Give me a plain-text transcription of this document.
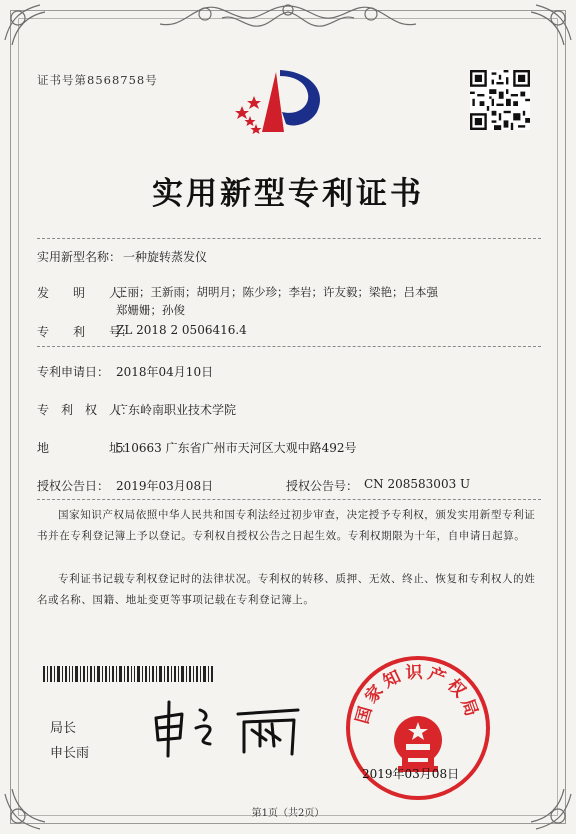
证书号第8568758号
实用新型专利证书
实用新型名称： 一种旋转蒸发仪
发　　明　　人：
王丽；王新雨；胡明月；陈少珍；李岩；许友毅；梁艳；吕本强
郑姗姗；孙俊
专　　利　　号：
ZL 2018 2 0506416.4
专利申请日： 2018年04月10日
专　利　权　人：
广东岭南职业技术学院
地　　　　　址：
510663 广东省广州市天河区大观中路492号
授权公告日： 2019年03月08日	授权公告号： CN 208583003 U
国家知识产权局依照中华人民共和国专利法经过初步审查，决定授予专利权，颁发实用新型专利证书并在专利登记簿上予以登记。专利权自授权公告之日起生效。专利权期限为十年，自申请日起算。
专利证书记载专利权登记时的法律状况。专利权的转移、质押、无效、终止、恢复和专利权人的姓名或名称、国籍、地址变更等事项记载在专利登记簿上。
局长
申长雨
国家知识产权局
2019年03月08日
第1页（共2页）
